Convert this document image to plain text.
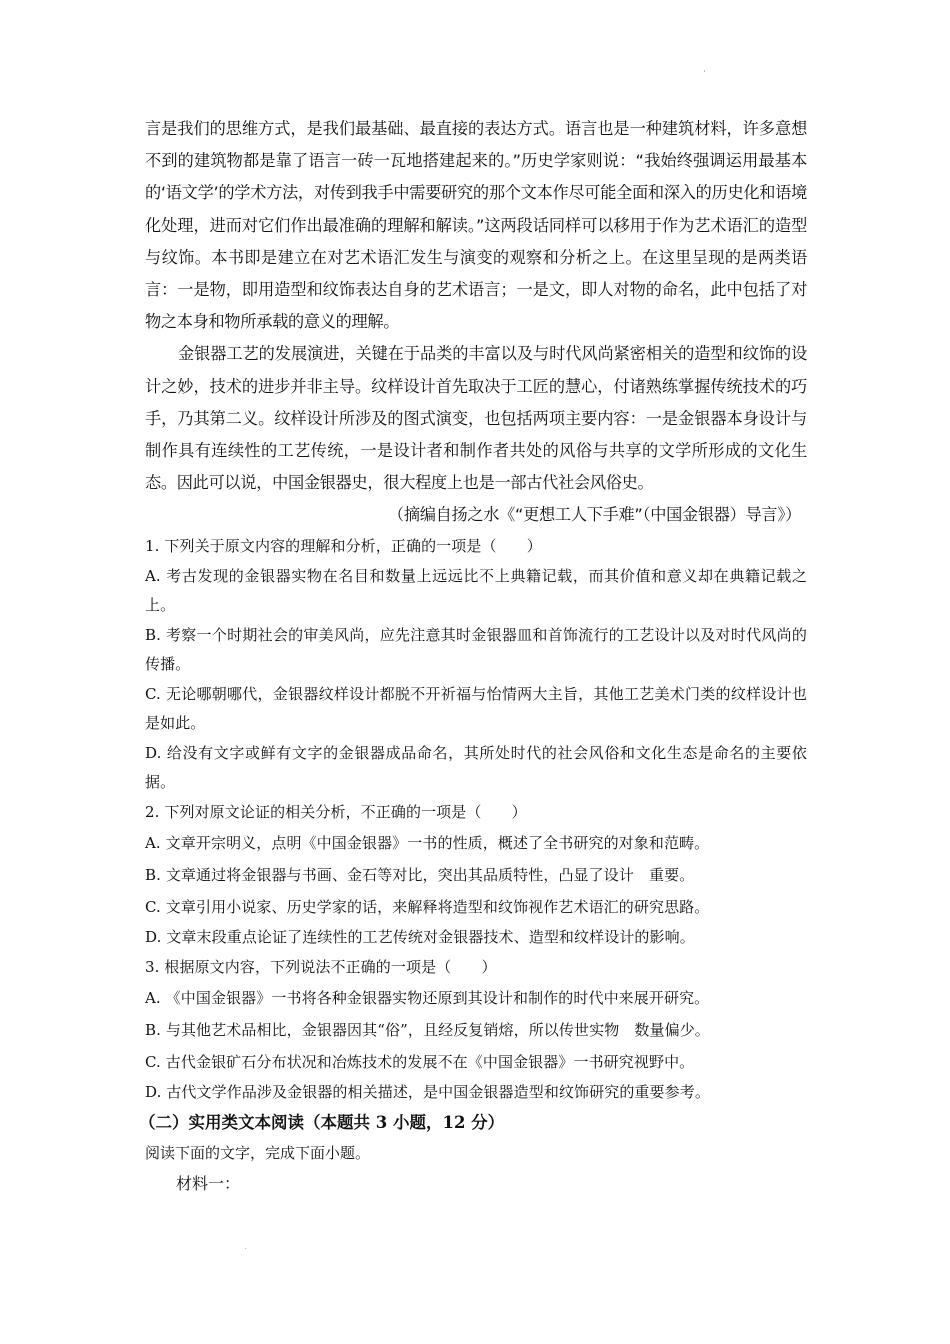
言是我们的思维方式，是我们最基础、最直接的表达方式。语言也是一种建筑材料，许多意想不到的建筑物都是靠了语言一砖一瓦地搭建起来的。”历史学家则说：“我始终强调运用最基本的‘语文学’的学术方法，对传到我手中需要研究的那个文本作尽可能全面和深入的历史化和语境化处理，进而对它们作出最准确的理解和解读。”这两段话同样可以移用于作为艺术语汇的造型与纹饰。本书即是建立在对艺术语汇发生与演变的观察和分析之上。在这里呈现的是两类语言：一是物，即用造型和纹饰表达自身的艺术语言；一是文，即人对物的命名，此中包括了对物之本身和物所承载的意义的理解。

金银器工艺的发展演进，关键在于品类的丰富以及与时代风尚紧密相关的造型和纹饰的设计之妙，技术的进步并非主导。纹样设计首先取决于工匠的慧心，付诸熟练掌握传统技术的巧手，乃其第二义。纹样设计所涉及的图式演变，也包括两项主要内容：一是金银器本身设计与制作具有连续性的工艺传统，一是设计者和制作者共处的风俗与共享的文学所形成的文化生态。因此可以说，中国金银器史，很大程度上也是一部古代社会风俗史。

（摘编自扬之水《“更想工人下手难”（中国金银器）导言》）

1. 下列关于原文内容的理解和分析，正确的一项是（　　）

A. 考古发现的金银器实物在名目和数量上远远比不上典籍记载，而其价值和意义却在典籍记载之上。

B. 考察一个时期社会的审美风尚，应先注意其时金银器皿和首饰流行的工艺设计以及对时代风尚的传播。

C. 无论哪朝哪代，金银器纹样设计都脱不开祈福与怡情两大主旨，其他工艺美术门类的纹样设计也是如此。

D. 给没有文字或鲜有文字的金银器成品命名，其所处时代的社会风俗和文化生态是命名的主要依据。

2. 下列对原文论证的相关分析，不正确的一项是（　　）

A. 文章开宗明义，点明《中国金银器》一书的性质，概述了全书研究的对象和范畴。

B. 文章通过将金银器与书画、金石等对比，突出其品质特性，凸显了设计　重要。

C. 文章引用小说家、历史学家的话，来解释将造型和纹饰视作艺术语汇的研究思路。

D. 文章末段重点论证了连续性的工艺传统对金银器技术、造型和纹样设计的影响。

3. 根据原文内容，下列说法不正确的一项是（　　）

A. 《中国金银器》一书将各种金银器实物还原到其设计和制作的时代中来展开研究。

B. 与其他艺术品相比，金银器因其“俗”，且经反复销熔，所以传世实物　数量偏少。

C. 古代金银矿石分布状况和冶炼技术的发展不在《中国金银器》一书研究视野中。

D. 古代文学作品涉及金银器的相关描述，是中国金银器造型和纹饰研究的重要参考。

（二）实用类文本阅读（本题共 3 小题，12 分）

阅读下面的文字，完成下面小题。

材料一：
